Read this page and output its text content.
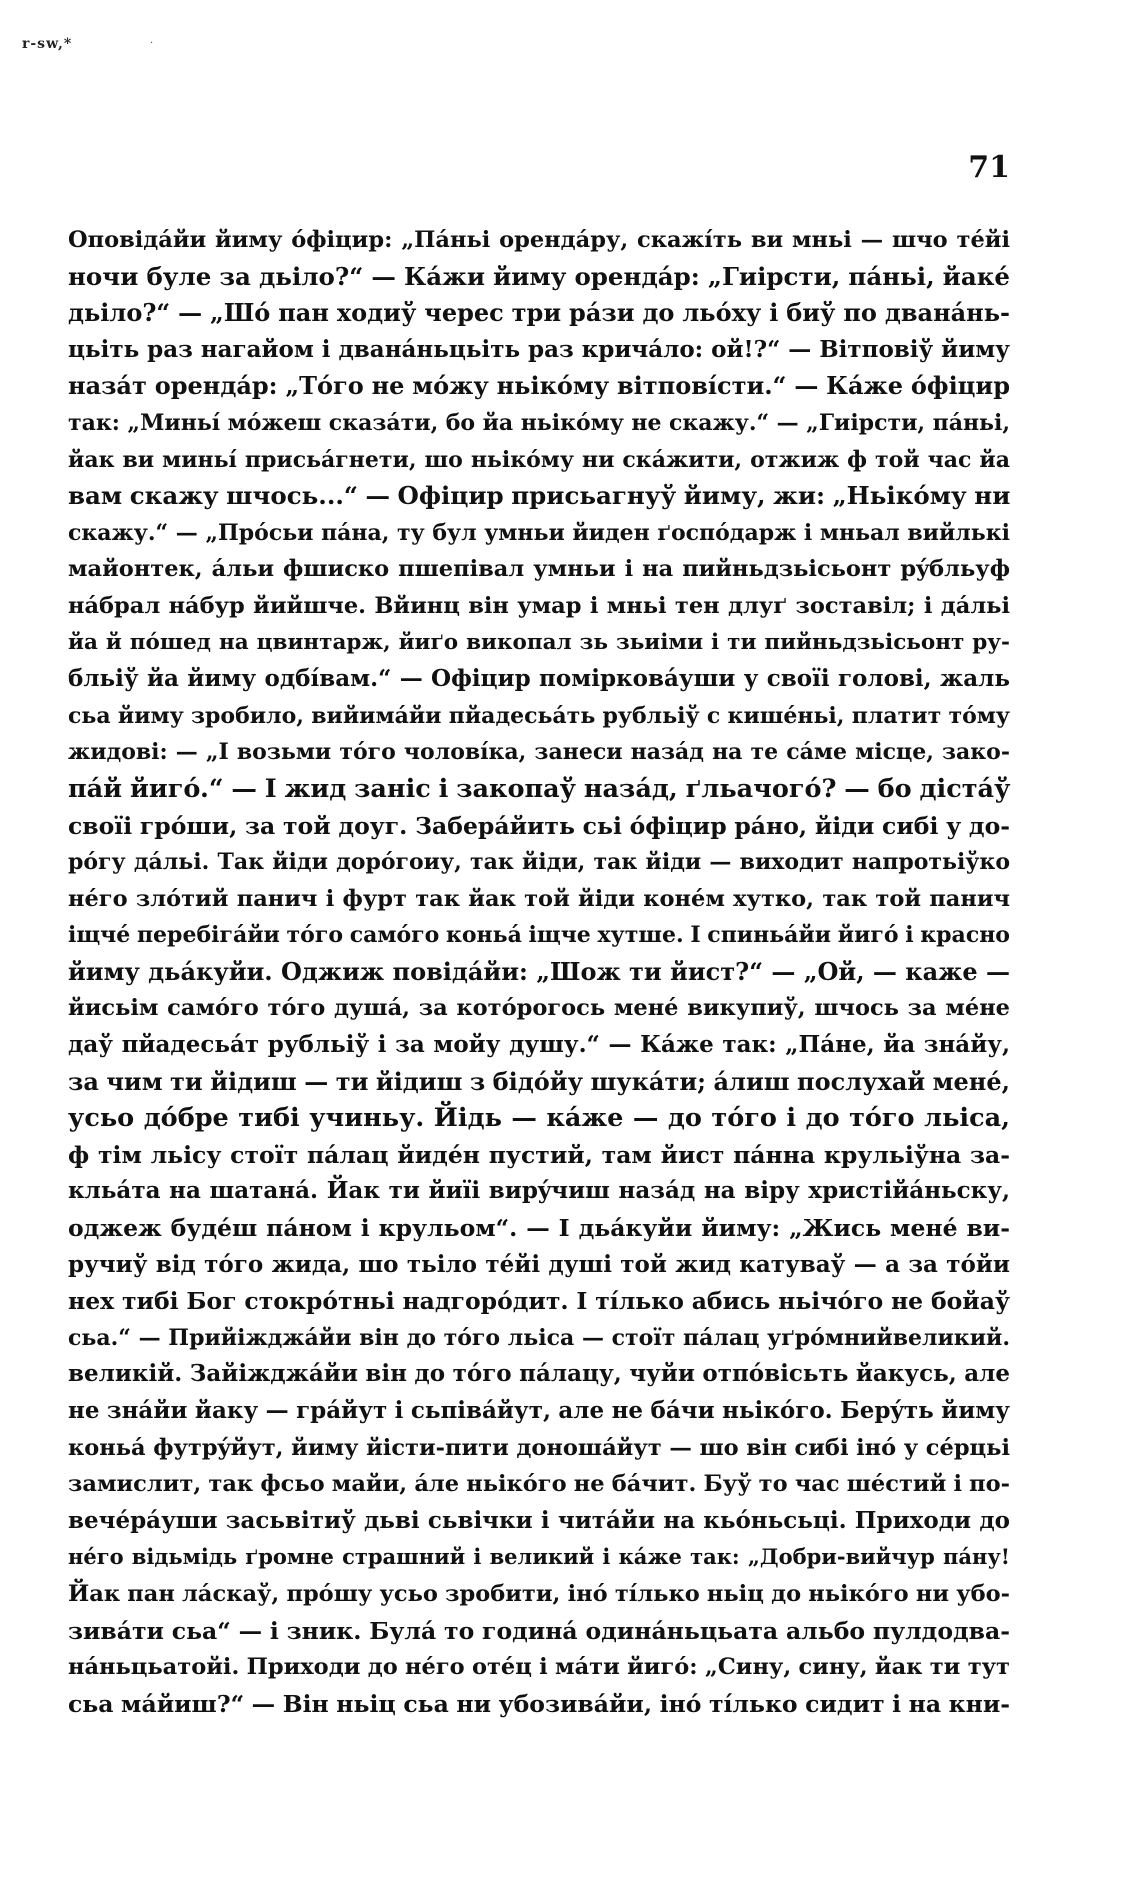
r-sw,*	·
71
Оповідáйи йиму óфіцир: „Пáньі орендáру, скажíть ви мньі — шчо тéйі
ночи буле за дьіло?“ — Кáжи йиму орендáр: „Гиірсти, пáньі, йакé
дьіло?“ — „Шó пан ходиў черес три рáзи до льóху і биў по дванáнь-
цьіть раз нагайом і дванáньцьіть раз кричáло: ой!?“ — Вітповіў йиму
назáт орендáр: „Тóго не мóжу ньікóму вітповíсти.“ — Кáже óфіцир
так: „Миньí мóжеш сказáти, бо йа ньікóму не скажу.“ — „Гиірсти, пáньі,
йак ви миньí присьáгнети, шо ньікóму ни скáжити, отжиж ф той час йа
вам скажу шчось...“ — Офіцир присьагнуў йиму, жи: „Ньікóму ни
скажу.“ — „Прóсьи пáна, ту бул умньи йиден ґоспóдарж і мньал вийлькі
майонтек, áльи фшиско пшепівал умньи і на пийньдзьісьонт рýбльуф
нáбрал нáбур йийшче. Вйинц він умар і мньі тен длуґ зоставіл; і дáльі
йа й пóшед на цвинтарж, йиґо викопал зь зьиіми і ти пийньдзьісьонт ру-
бльіў йа йиму одбíвам.“ — Офіцир помірковáуши у своїі голові, жаль
сьа йиму зробило, вийимáйи пйадесьáть рубльіў с кишéньі, платит тóму
жидові: — „І возьми тóго чоловíка, занеси назáд на те сáме місце, зако-
пáй йигó.“ — І жид заніс і закопаў назáд, ґльачогó? — бо дістáў
своїі грóши, за той доуг. Заберáйить сьі óфіцир рáно, йіди сибі у до-
рóгу дáльі. Так йіди дорóгоиу, так йіди, так йіди — виходит напротьіўко
нéго злóтий панич і фурт так йак той йіди конéм хутко, так той панич
іщчé перебігáйи тóго самóго коньá іщче хутше. І спиньáйи йигó і красно
йиму дьáкуйи. Оджиж повідáйи: „Шож ти йист?“ — „Ой, — каже —
йисьім самóго тóго душá, за котóрогось менé викупиў, шчось за мéне
даў пйадесьáт рубльіў і за мойу душу.“ — Кáже так: „Пáне, йа знáйу,
за чим ти йідиш — ти йідиш з бідóйу шукáти; áлиш послухай менé,
усьо дóбре тибі учиньу. Йідь — кáже — до тóго і до тóго льіса,
ф тім льісу стоїт пáлац йидéн пустий, там йист пáнна крульіўна за-
кльáта на шатанá. Йак ти йиїі вирýчиш назáд на віру христійáньску,
оджеж будéш пáном і крульом“. — І дьáкуйи йиму: „Жись менé ви-
ручиў від тóго жида, шо тьіло тéйі душі той жид катуваў — а за тóйи
нех тибі Бог стокрóтньі надгорóдит. І тíлько абись ньічóго не бойаў
сьа.“ — Прийіжджáйи він до тóго льіса — стоїт пáлац уґрóмнийвеликий.
великій. Зайіжджáйи він до тóго пáлацу, чуйи отпóвісьть йакусь, але
не знáйи йаку — грáйут і сьпівáйут, але не бáчи ньікóго. Берýть йиму
коньá футрýйут, йиму йісти-пити доношáйут — шо він сибі інó у сéрцьі
замислит, так фсьо майи, áле ньікóго не бáчит. Буў то час шéстий і по-
вечéрáуши засьвітиў дьві сьвічки і читáйи на кьóньсьці. Приходи до
нéго відьмідь ґромне страшний і великий і кáже так: „Добри-вийчур пáну!
Йак пан лáскаў, прóшу усьо зробити, інó тíлько ньіц до ньікóго ни убо-
зивáти сьа“ — і зник. Булá то годинá одинáньцьата альбо пулдодва-
нáньцьатойі. Приходи до нéго отéц і мáти йигó: „Сину, сину, йак ти тут
сьа мáйиш?“ — Він ньіц сьа ни убозивáйи, інó тíлько сидит і на кни-
